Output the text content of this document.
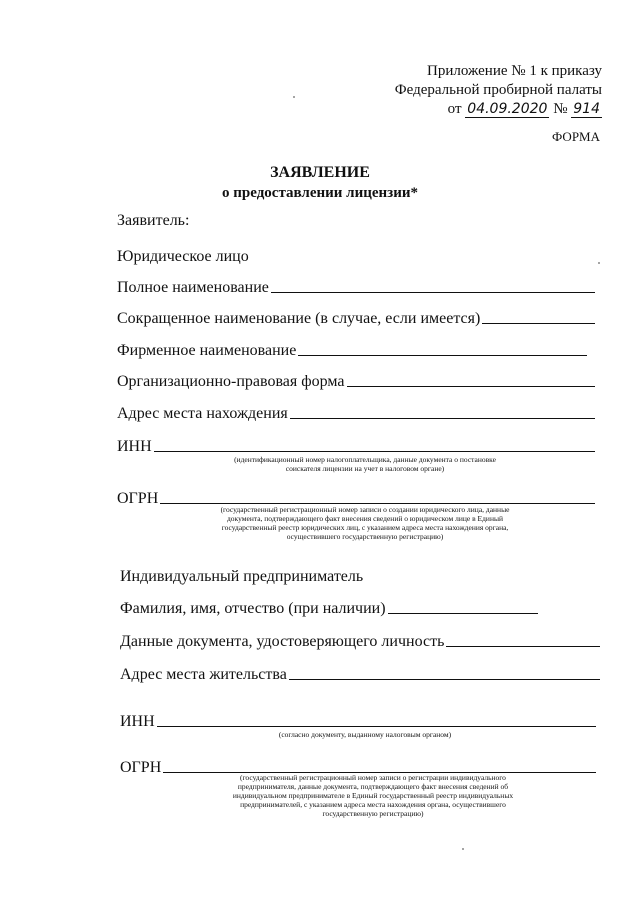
Приложение № 1 к приказу
Федеральной пробирной палаты
от 04.09.2020 № 914
ФОРМА
ЗАЯВЛЕНИЕ
о предоставлении лицензии*
Заявитель:
Юридическое лицо
Полное наименование
Сокращенное наименование (в случае, если имеется)
Фирменное наименование
Организационно-правовая форма
Адрес места нахождения
ИНН
(идентификационный номер налогоплательщика, данные документа о постановке соискателя лицензии на учет в налоговом органе)
ОГРН
(государственный регистрационный номер записи о создании юридического лица, данные документа, подтверждающего факт внесения сведений о юридическом лице в Единый государственный реестр юридических лиц, с указанием адреса места нахождения органа, осуществившего государственную регистрацию)
Индивидуальный предприниматель
Фамилия, имя, отчество (при наличии)
Данные документа, удостоверяющего личность
Адрес места жительства
ИНН
(согласно документу, выданному налоговым органом)
ОГРН
(государственный регистрационный номер записи о регистрации индивидуального предпринимателя, данные документа, подтверждающего факт внесения сведений об индивидуальном предпринимателе в Единый государственный реестр индивидуальных предпринимателей, с указанием адреса места нахождения органа, осуществившего государственную регистрацию)
